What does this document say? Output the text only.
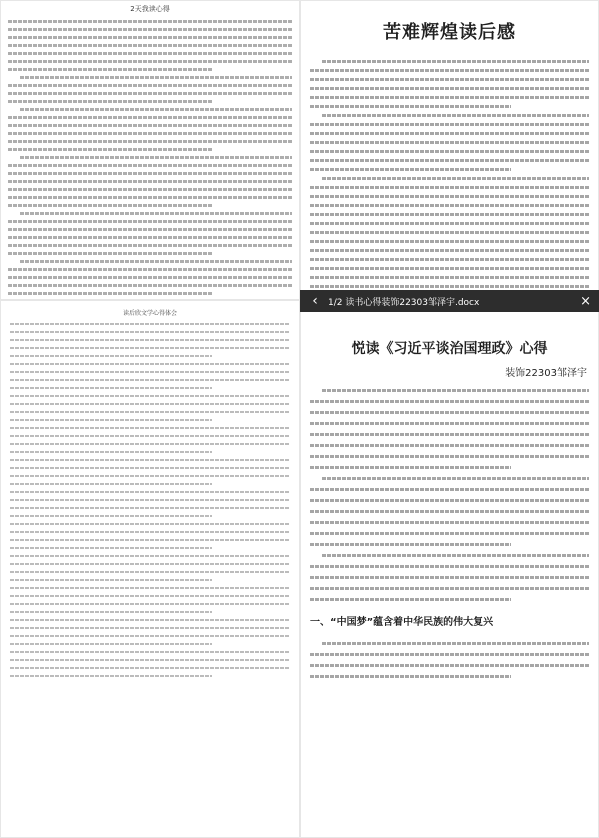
2天我读心得
苦难辉煌读后感
‹	1/2 读书心得装饰22303邹泽宇.docx	×
读后欣文学心得体会
悦读《习近平谈治国理政》心得
装饰22303邹泽宇
一、“中国梦”蕴含着中华民族的伟大复兴
